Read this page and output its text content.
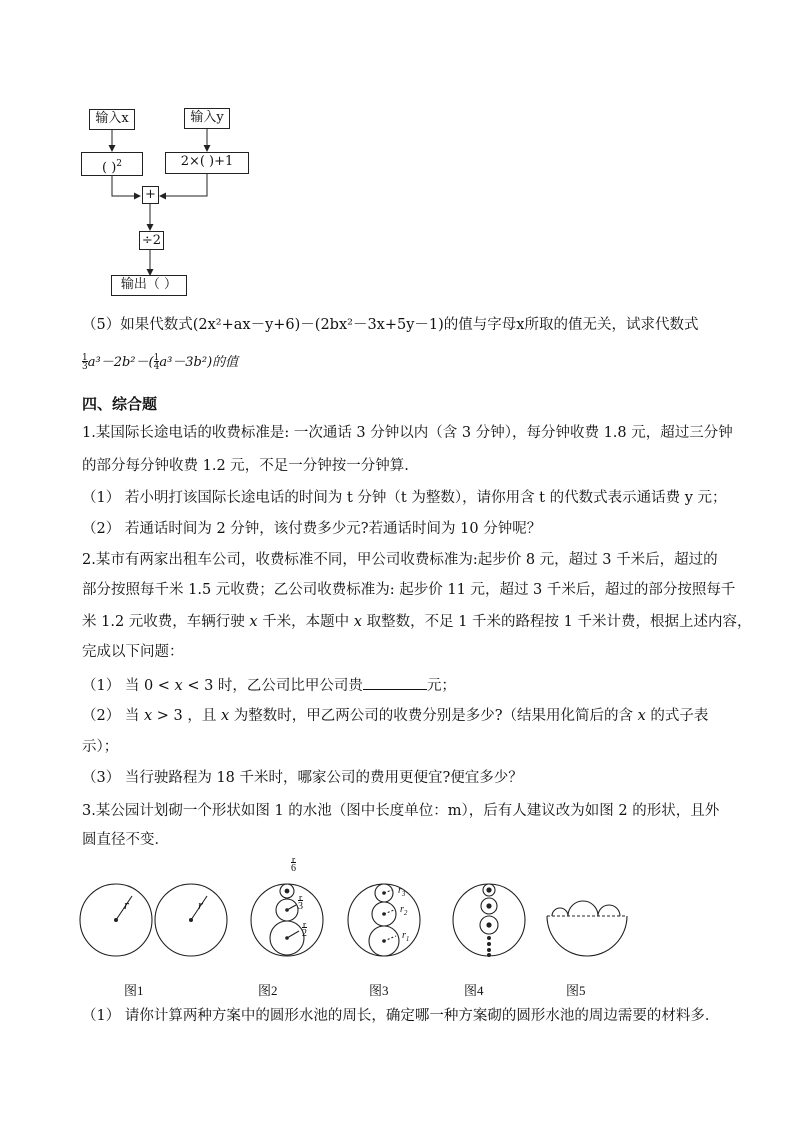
输入x	输入y
( )$^2$	2×( )+1
+
÷2
输出（ ）
（5）如果代数式(2x²+ax－y+6)－(2bx²－3x+5y－1)的值与字母x所取的值无关，试求代数式
$\frac{1}{3}a^3-2b^2-(\frac{1}{4}a^3-3b^2)$的值
四、综合题
1.某国际长途电话的收费标准是: 一次通话 3 分钟以内（含 3 分钟），每分钟收费 1.8 元，超过三分钟
的部分每分钟收费 1.2 元，不足一分钟按一分钟算.
（1） 若小明打该国际长途电话的时间为 t 分钟（t 为整数），请你用含 t 的代数式表示通话费 y 元；
（2） 若通话时间为 2 分钟，该付费多少元?若通话时间为 10 分钟呢？
2.某市有两家出租车公司，收费标准不同，甲公司收费标准为:起步价 8 元，超过 3 千米后，超过的
部分按照每千米 1.5 元收费；乙公司收费标准为: 起步价 11 元，超过 3 千米后，超过的部分按照每千
米 1.2 元收费，车辆行驶 x 千米，本题中 x 取整数，不足 1 千米的路程按 1 千米计费，根据上述内容，
完成以下问题：
（1） 当 0 < x < 3 时，乙公司比甲公司贵	元；
（2） 当 x > 3 ，且 x 为整数时，甲乙两公司的收费分别是多少?（结果用化简后的含 x 的式子表
示）；
（3） 当行驶路程为 18 千米时，哪家公司的费用更便宜?便宜多少？
3.某公园计划砌一个形状如图 1 的水池（图中长度单位：m），后有人建议改为如图 2 的形状，且外
圆直径不变．
r	r
r
6
r
3
r
2
$r_3$
$r_2$
$r_1$
图1	图2	图3	图4	图5
（1） 请你计算两种方案中的圆形水池的周长，确定哪一种方案砌的圆形水池的周边需要的材料多．
